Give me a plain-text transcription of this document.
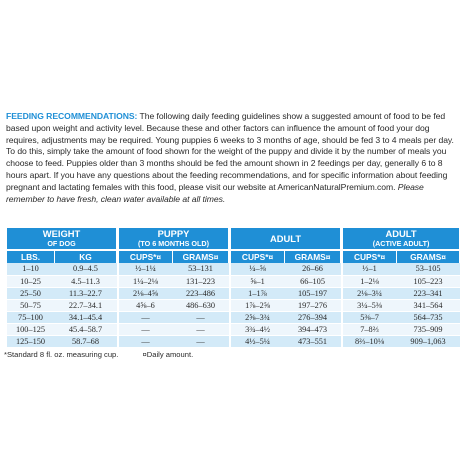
FEEDING RECOMMENDATIONS: The following daily feeding guidelines show a suggested amount of food to be fed based upon weight and activity level. Because these and other factors can influence the amount of food your dog requires, adjustments may be required. Young puppies 6 weeks to 3 months of age, should be fed 3 to 4 meals per day. To do this, simply take the amount of food shown for the weight of the puppy and divide it by the number of meals you choose to feed. Puppies older than 3 months should be fed the amount shown in 2 feedings per day, generally 6 to 8 hours apart. If you have any questions about the feeding recommendations, and for specific information about feeding pregnant and lactating females with this food, please visit our website at AmericanNaturalPremium.com. Please remember to have fresh, clean water available at all times.
WEIGHT
OF DOG			PUPPY
(TO 6 MONTHS OLD)			ADULT			ADULT
(ACTIVE ADULT)	

LBS.	KG		CUPS*¤	GRAMS¤		CUPS*¤	GRAMS¤		CUPS*¤	GRAMS¤
1–10	0.9–4.5		½–1¼	53–131		¼–⅝	26–66		½–1	53–105
10–25	4.5–11.3		1¼–2⅛	131–223		⅝–1	66–105		1–2⅛	105–223
25–50	11.3–22.7		2⅛–4⅝	223–486		1–1⅞	105–197		2⅛–3¼	223–341
50–75	22.7–34.1		4⅝–6	486–630		1⅞–2⅝	197–276		3¼–5⅜	341–564
75–100	34.1–45.4		—	—		2⅝–3¾	276–394		5⅜–7	564–735
100–125	45.4–58.7		—	—		3¾–4½	394–473		7–8⅔	735–909
125–150	58.7–68		—	—		4½–5¼	473–551		8⅔–10⅛	909–1,063
*Standard 8 fl. oz. measuring cup.	¤Daily amount.
